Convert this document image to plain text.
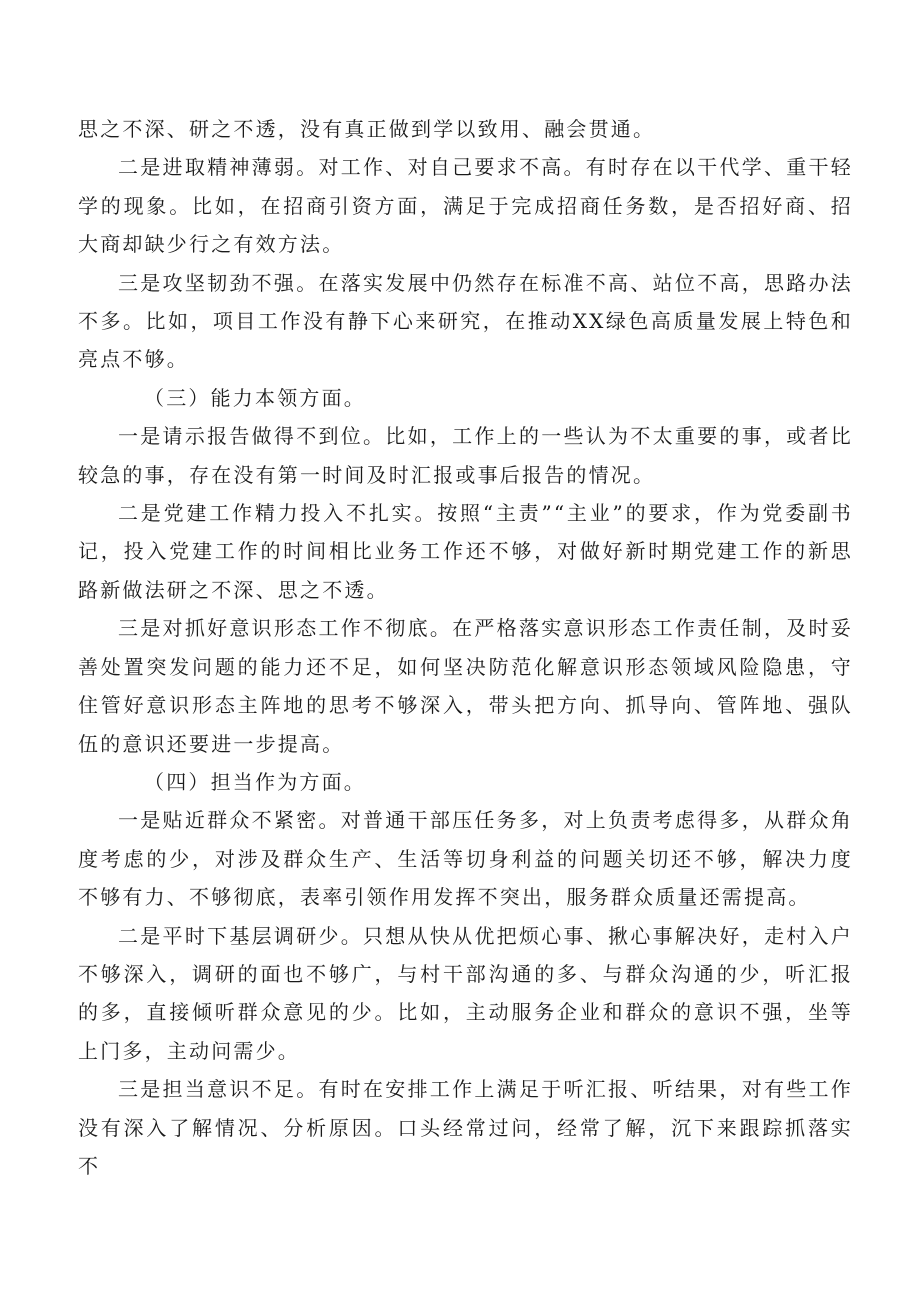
思之不深、研之不透，没有真正做到学以致用、融会贯通。

二是进取精神薄弱。对工作、对自己要求不高。有时存在以干代学、重干轻学的现象。比如，在招商引资方面，满足于完成招商任务数，是否招好商、招大商却缺少行之有效方法。

三是攻坚韧劲不强。在落实发展中仍然存在标准不高、站位不高，思路办法不多。比如，项目工作没有静下心来研究，在推动XX绿色高质量发展上特色和亮点不够。

（三）能力本领方面。

一是请示报告做得不到位。比如，工作上的一些认为不太重要的事，或者比较急的事，存在没有第一时间及时汇报或事后报告的情况。

二是党建工作精力投入不扎实。按照“主责”“主业”的要求，作为党委副书记，投入党建工作的时间相比业务工作还不够，对做好新时期党建工作的新思路新做法研之不深、思之不透。

三是对抓好意识形态工作不彻底。在严格落实意识形态工作责任制，及时妥善处置突发问题的能力还不足，如何坚决防范化解意识形态领域风险隐患，守住管好意识形态主阵地的思考不够深入，带头把方向、抓导向、管阵地、强队伍的意识还要进一步提高。

（四）担当作为方面。

一是贴近群众不紧密。对普通干部压任务多，对上负责考虑得多，从群众角度考虑的少，对涉及群众生产、生活等切身利益的问题关切还不够，解决力度不够有力、不够彻底，表率引领作用发挥不突出，服务群众质量还需提高。

二是平时下基层调研少。只想从快从优把烦心事、揪心事解决好，走村入户不够深入，调研的面也不够广，与村干部沟通的多、与群众沟通的少，听汇报的多，直接倾听群众意见的少。比如，主动服务企业和群众的意识不强，坐等上门多，主动问需少。

三是担当意识不足。有时在安排工作上满足于听汇报、听结果，对有些工作没有深入了解情况、分析原因。口头经常过问，经常了解，沉下来跟踪抓落实不
